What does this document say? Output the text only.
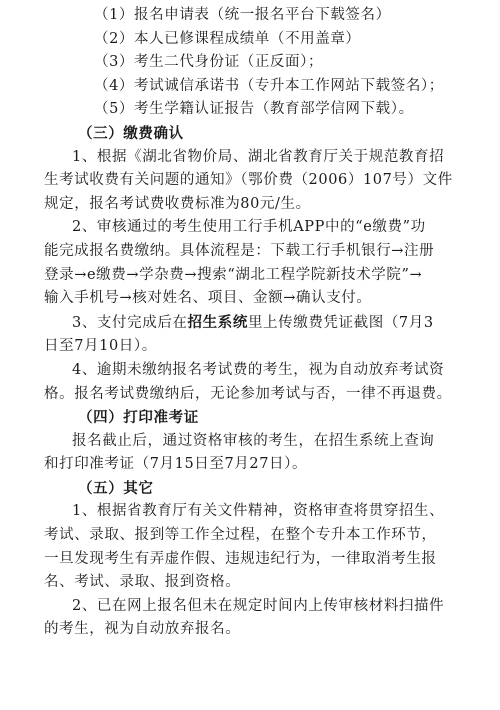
（1）报名申请表（统一报名平台下载签名）
（2）本人已修课程成绩单（不用盖章）
（3）考生二代身份证（正反面）；
（4）考试诚信承诺书（专升本工作网站下载签名）；
（5）考生学籍认证报告（教育部学信网下载）。
（三）缴费确认
1、根据《湖北省物价局、湖北省教育厅关于规范教育招
生考试收费有关问题的通知》（鄂价费（2006）107号）文件
规定，报名考试费收费标准为80元/生。
2、审核通过的考生使用工行手机APP中的“e缴费”功
能完成报名费缴纳。具体流程是：下载工行手机银行→注册
登录→e缴费→学杂费→搜索“湖北工程学院新技术学院”→
输入手机号→核对姓名、项目、金额→确认支付。
3、支付完成后在招生系统里上传缴费凭证截图（7月3
日至7月10日）。
4、逾期未缴纳报名考试费的考生，视为自动放弃考试资
格。报名考试费缴纳后，无论参加考试与否，一律不再退费。
（四）打印准考证
报名截止后，通过资格审核的考生，在招生系统上查询
和打印准考证（7月15日至7月27日）。
（五）其它
1、根据省教育厅有关文件精神，资格审查将贯穿招生、
考试、录取、报到等工作全过程，在整个专升本工作环节，
一旦发现考生有弄虚作假、违规违纪行为，一律取消考生报
名、考试、录取、报到资格。
2、已在网上报名但未在规定时间内上传审核材料扫描件
的考生，视为自动放弃报名。
